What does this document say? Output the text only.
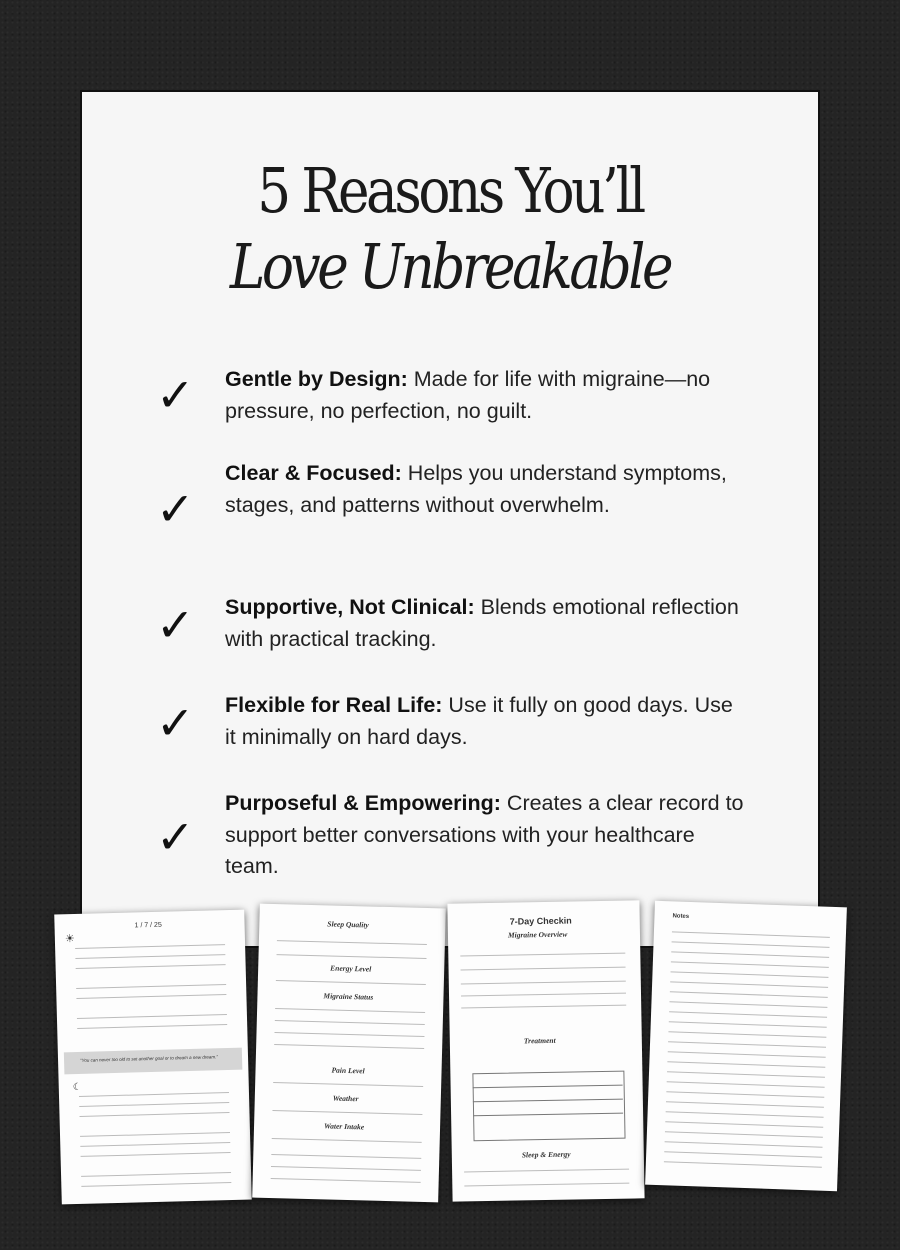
5 Reasons You’ll
Love Unbreakable
✓ Gentle by Design: Made for life with migraine—no pressure, no perfection, no guilt.
✓
Clear & Focused: Helps you understand symptoms, stages, and patterns without overwhelm.
✓ Supportive, Not Clinical: Blends emotional reflection with practical tracking.
✓ Flexible for Real Life: Use it fully on good days. Use it minimally on hard days.
✓
Purposeful & Empowering: Creates a clear record to support better conversations with your healthcare team.
☀
1 / 7 / 25
“You can never too old to set another goal or to dream a new dream.”
☾
Sleep Quality
Energy Level
Migraine Status
Pain Level
Weather
Water Intake
7-Day Checkin
Migraine Overview
Treatment
Sleep & Energy
Notes
